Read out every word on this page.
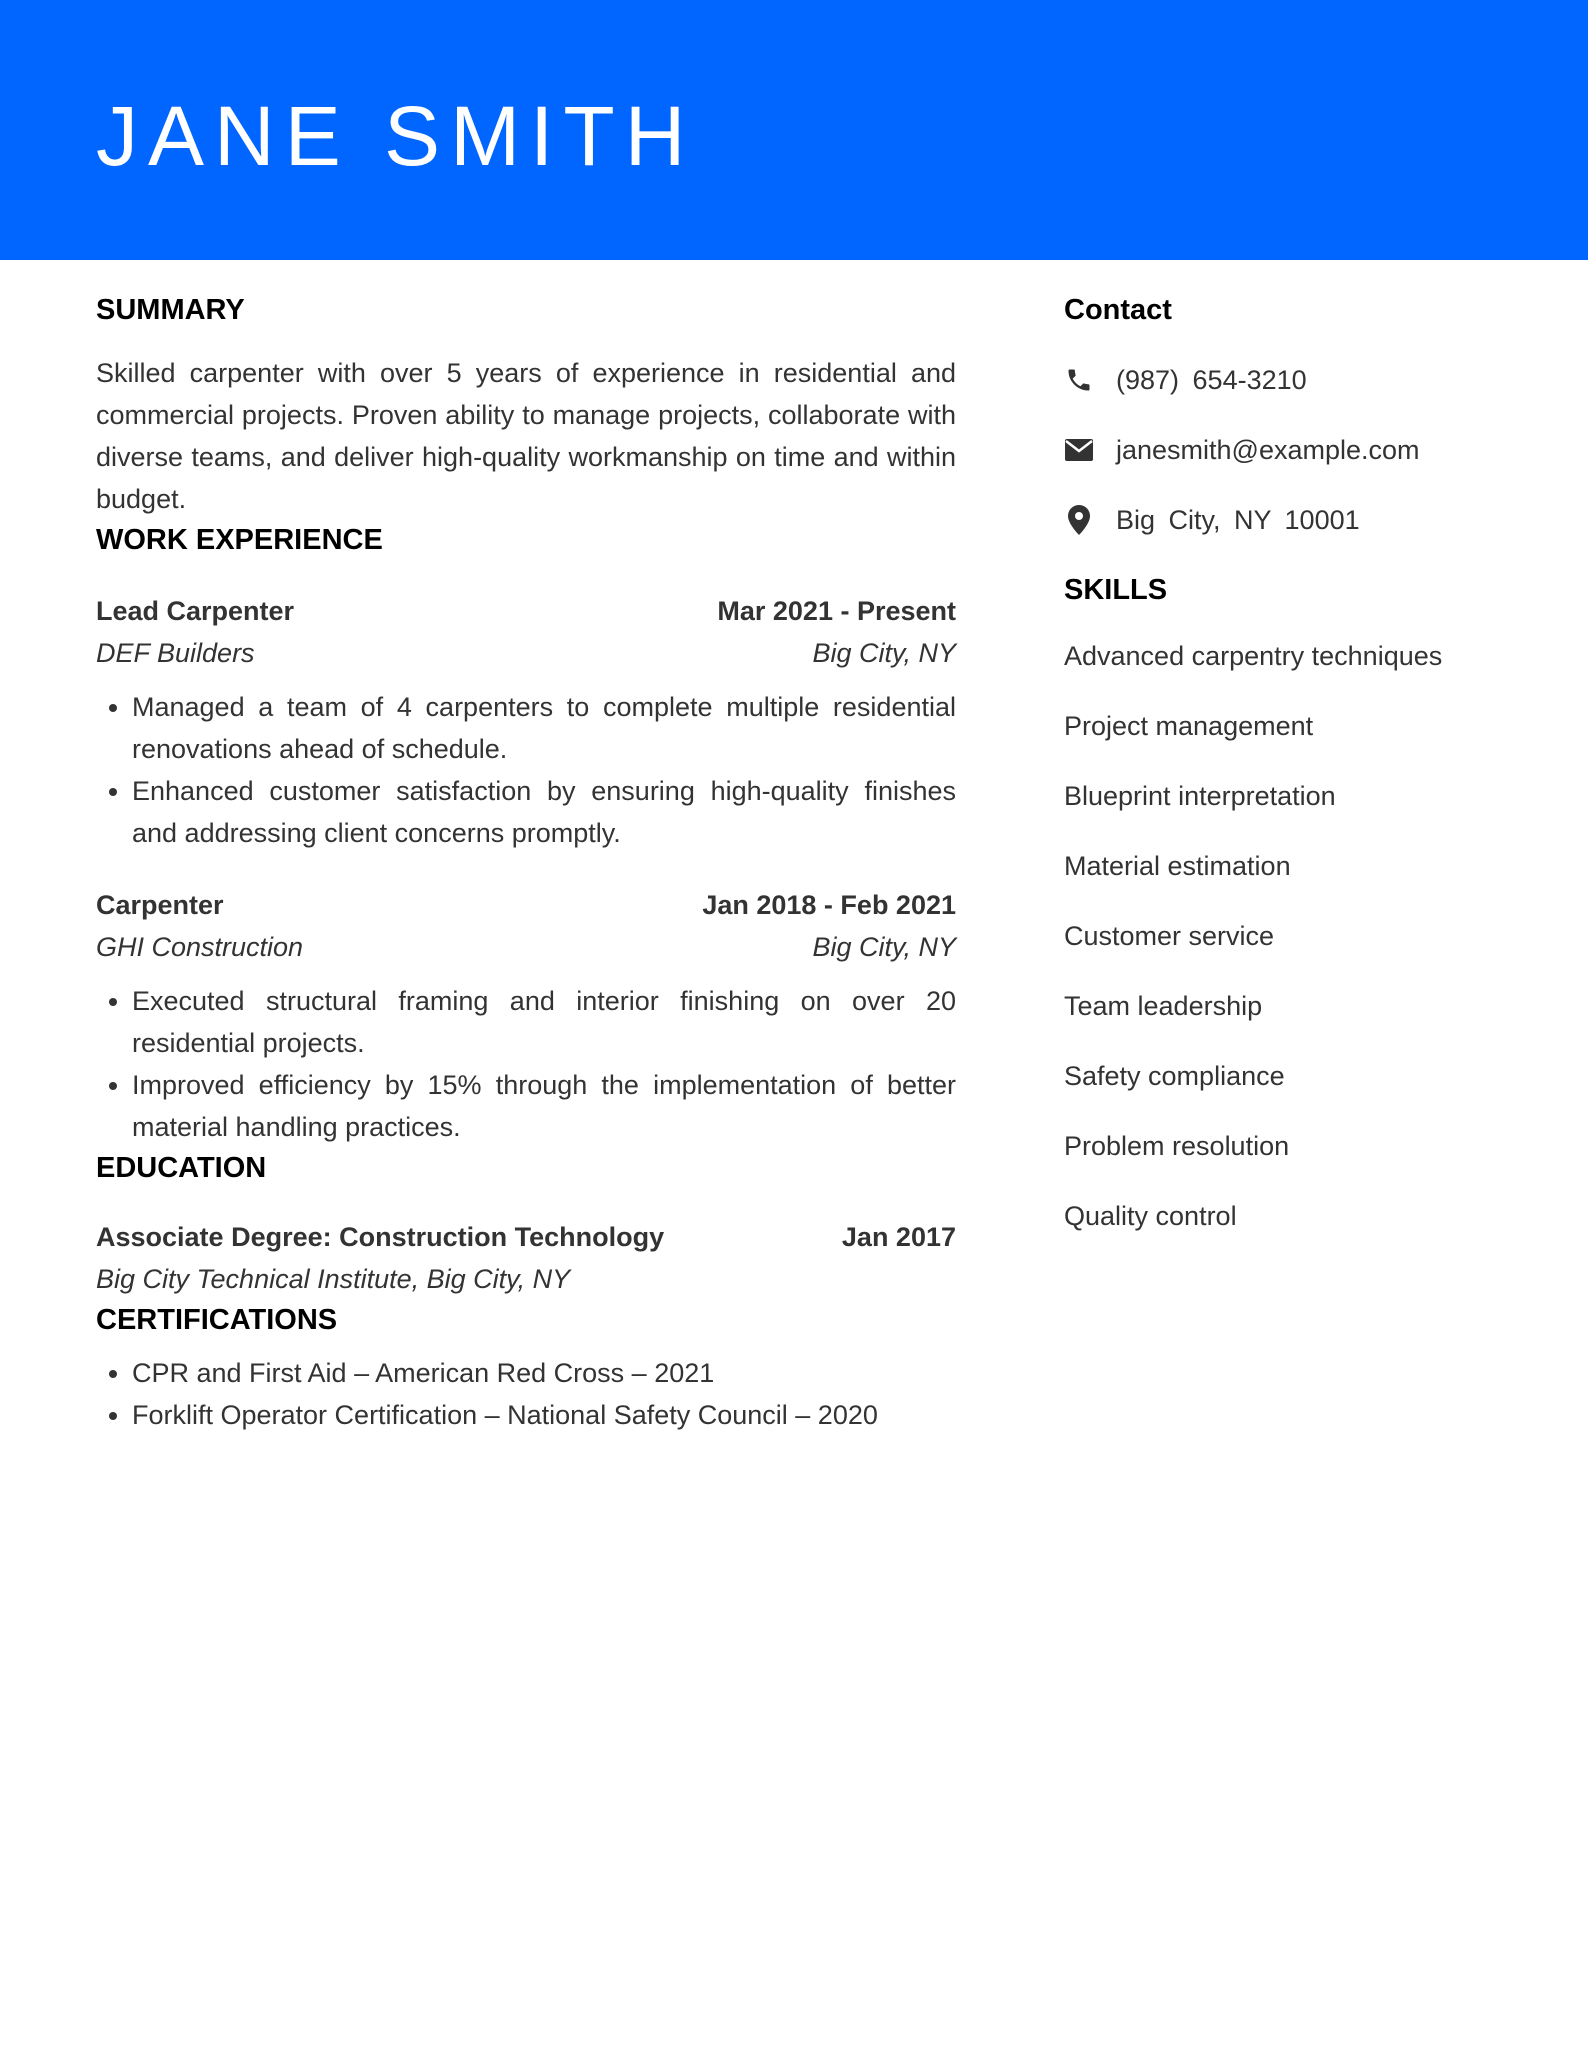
JANE SMITH
SUMMARY

Skilled carpenter with over 5 years of experience in residential and commercial projects. Proven ability to manage projects, collaborate with diverse teams, and deliver high-quality workmanship on time and within budget.

WORK EXPERIENCE
Lead Carpenter	Mar 2021 - Present
DEF Builders	Big City, NY
• Managed a team of 4 carpenters to complete multiple residential renovations ahead of schedule.
• Enhanced customer satisfaction by ensuring high-quality finishes and addressing client concerns promptly.
Carpenter	Jan 2018 - Feb 2021
GHI Construction	Big City, NY
• Executed structural framing and interior finishing on over 20 residential projects.
• Improved efficiency by 15% through the implementation of better material handling practices.
EDUCATION
Associate Degree: Construction Technology	Jan 2017
Big City Technical Institute, Big City, NY
CERTIFICATIONS
• CPR and First Aid – American Red Cross – 2021
• Forklift Operator Certification – National Safety Council – 2020
Contact
(987) 654-3210
janesmith@example.com
Big City, NY 10001
SKILLS
Advanced carpentry techniques
Project management
Blueprint interpretation
Material estimation
Customer service
Team leadership
Safety compliance
Problem resolution
Quality control
